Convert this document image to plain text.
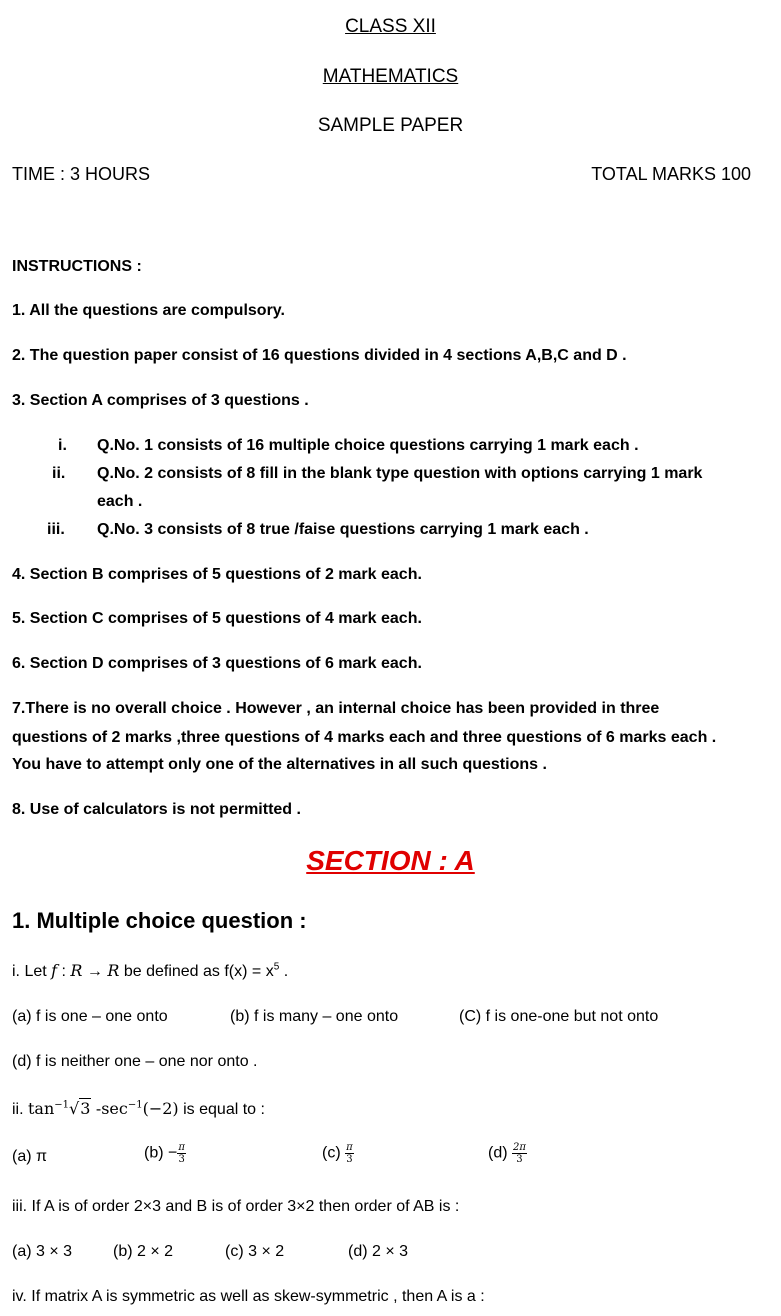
CLASS XII
MATHEMATICS
SAMPLE PAPER
TIME : 3 HOURS	TOTAL MARKS 100
INSTRUCTIONS :
1. All the questions are compulsory.
2. The question paper consist of 16 questions divided in 4 sections A,B,C and D .
3. Section A comprises of 3 questions .
i. Q.No. 1 consists of 16 multiple choice questions carrying 1 mark each .
ii. Q.No. 2 consists of 8 fill in the blank type question with options carrying 1 mark
each .
iii. Q.No. 3 consists of 8 true /faise questions carrying 1 mark each .
4. Section B comprises of 5 questions of 2 mark each.
5. Section C comprises of 5 questions of 4 mark each.
6. Section D comprises of 3 questions of 6 mark each.
7.There is no overall choice . However , an internal choice has been provided in three
questions of 2 marks ,three questions of 4 marks each and three questions of 6 marks each .
You have to attempt only one of the alternatives in all such questions .
8. Use of calculators is not permitted .
SECTION : A
1. Multiple choice question :
i. Let f : R → R be defined as $f(x) = x^5$ .
(a) f is one – one onto	(b) f is many – one onto	(C) f is one-one but not onto
(d) f is neither one – one nor onto .
ii. $\tan^{-1}√3$ $-\sec^{-1}(-2)$ is equal to :
(a) π	$(b) - \frac{\pi}{3}$	$(c) \frac{\pi}{3}$	$(d) \frac{2\pi}{3}$
iii. If A is of order 2×3 and B is of order 3×2 then order of AB is :
(a) 3 × 3	(b) 2 × 2	(c) 3 × 2	(d) 2 × 3
iv. If matrix A is symmetric as well as skew-symmetric , then A is a :
